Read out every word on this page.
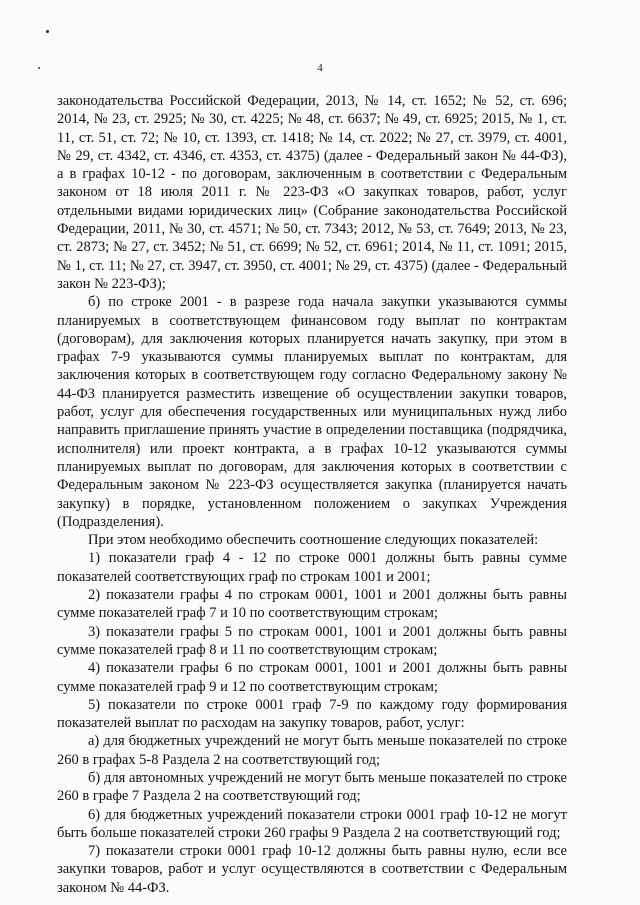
4

законодательства Российской Федерации, 2013, № 14, ст. 1652; № 52, ст. 696; 2014, № 23, ст. 2925; № 30, ст. 4225; № 48, ст. 6637; № 49, ст. 6925; 2015, № 1, ст. 11, ст. 51, ст. 72; № 10, ст. 1393, ст. 1418; № 14, ст. 2022; № 27, ст. 3979, ст. 4001, № 29, ст. 4342, ст. 4346, ст. 4353, ст. 4375) (далее - Федеральный закон № 44-ФЗ), а в графах 10-12 - по договорам, заключенным в соответствии с Федеральным законом от 18 июля 2011 г. № 223-ФЗ «О закупках товаров, работ, услуг отдельными видами юридических лиц» (Собрание законодательства Российской Федерации, 2011, № 30, ст. 4571; № 50, ст. 7343; 2012, № 53, ст. 7649; 2013, № 23, ст. 2873; № 27, ст. 3452; № 51, ст. 6699; № 52, ст. 6961; 2014, № 11, ст. 1091; 2015, № 1, ст. 11; № 27, ст. 3947, ст. 3950, ст. 4001; № 29, ст. 4375) (далее - Федеральный закон № 223-ФЗ);

б) по строке 2001 - в разрезе года начала закупки указываются суммы планируемых в соответствующем финансовом году выплат по контрактам (договорам), для заключения которых планируется начать закупку, при этом в графах 7-9 указываются суммы планируемых выплат по контрактам, для заключения которых в соответствующем году согласно Федеральному закону № 44-ФЗ планируется разместить извещение об осуществлении закупки товаров, работ, услуг для обеспечения государственных или муниципальных нужд либо направить приглашение принять участие в определении поставщика (подрядчика, исполнителя) или проект контракта, а в графах 10-12 указываются суммы планируемых выплат по договорам, для заключения которых в соответствии с Федеральным законом № 223-ФЗ осуществляется закупка (планируется начать закупку) в порядке, установленном положением о закупках Учреждения (Подразделения).

При этом необходимо обеспечить соотношение следующих показателей:

1) показатели граф 4 - 12 по строке 0001 должны быть равны сумме показателей соответствующих граф по строкам 1001 и 2001;

2) показатели графы 4 по строкам 0001, 1001 и 2001 должны быть равны сумме показателей граф 7 и 10 по соответствующим строкам;

3) показатели графы 5 по строкам 0001, 1001 и 2001 должны быть равны сумме показателей граф 8 и 11 по соответствующим строкам;

4) показатели графы 6 по строкам 0001, 1001 и 2001 должны быть равны сумме показателей граф 9 и 12 по соответствующим строкам;

5) показатели по строке 0001 граф 7-9 по каждому году формирования показателей выплат по расходам на закупку товаров, работ, услуг:

а) для бюджетных учреждений не могут быть меньше показателей по строке 260 в графах 5-8 Раздела 2 на соответствующий год;

б) для автономных учреждений не могут быть меньше показателей по строке 260 в графе 7 Раздела 2 на соответствующий год;

6) для бюджетных учреждений показатели строки 0001 граф 10-12 не могут быть больше показателей строки 260 графы 9 Раздела 2 на соответствующий год;

7) показатели строки 0001 граф 10-12 должны быть равны нулю, если все закупки товаров, работ и услуг осуществляются в соответствии с Федеральным законом № 44-ФЗ.
